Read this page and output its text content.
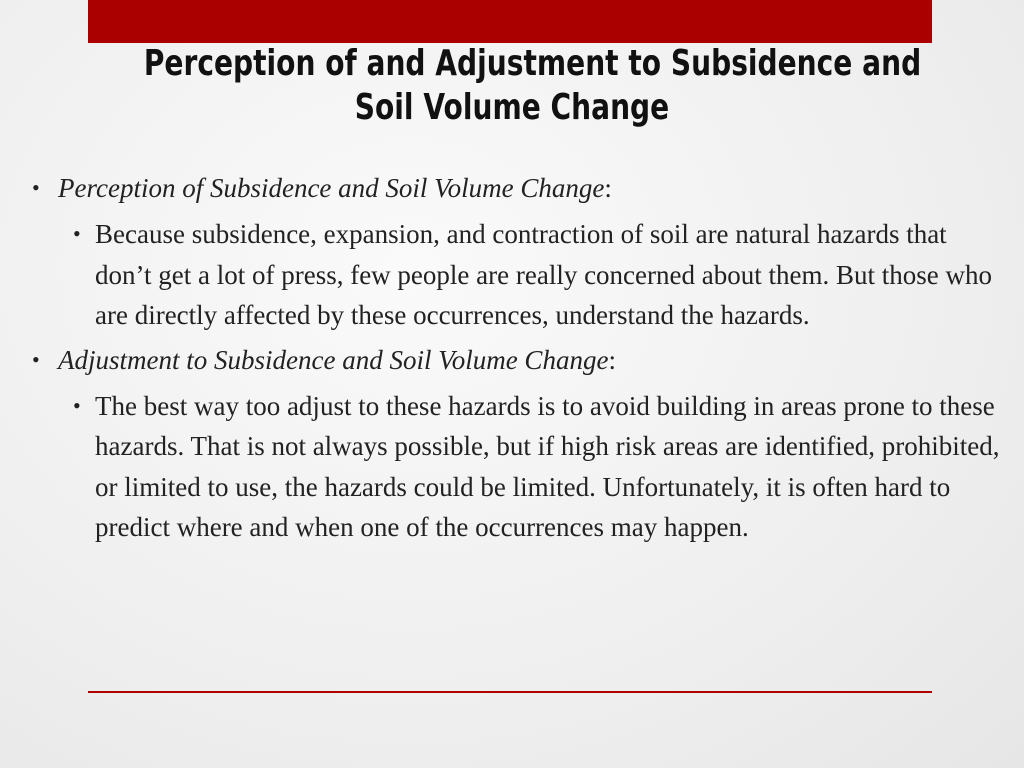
Perception of and Adjustment to Subsidence and
Soil Volume Change
• Perception of Subsidence and Soil Volume Change:
• Because subsidence, expansion, and contraction of soil are natural hazards that don’t get a lot of press, few people are really concerned about them. But those who are directly affected by these occurrences, understand the hazards.
• Adjustment to Subsidence and Soil Volume Change:
• The best way too adjust to these hazards is to avoid building in areas prone to these hazards. That is not always possible, but if high risk areas are identified, prohibited, or limited to use, the hazards could be limited. Unfortunately, it is often hard to predict where and when one of the occurrences may happen.
